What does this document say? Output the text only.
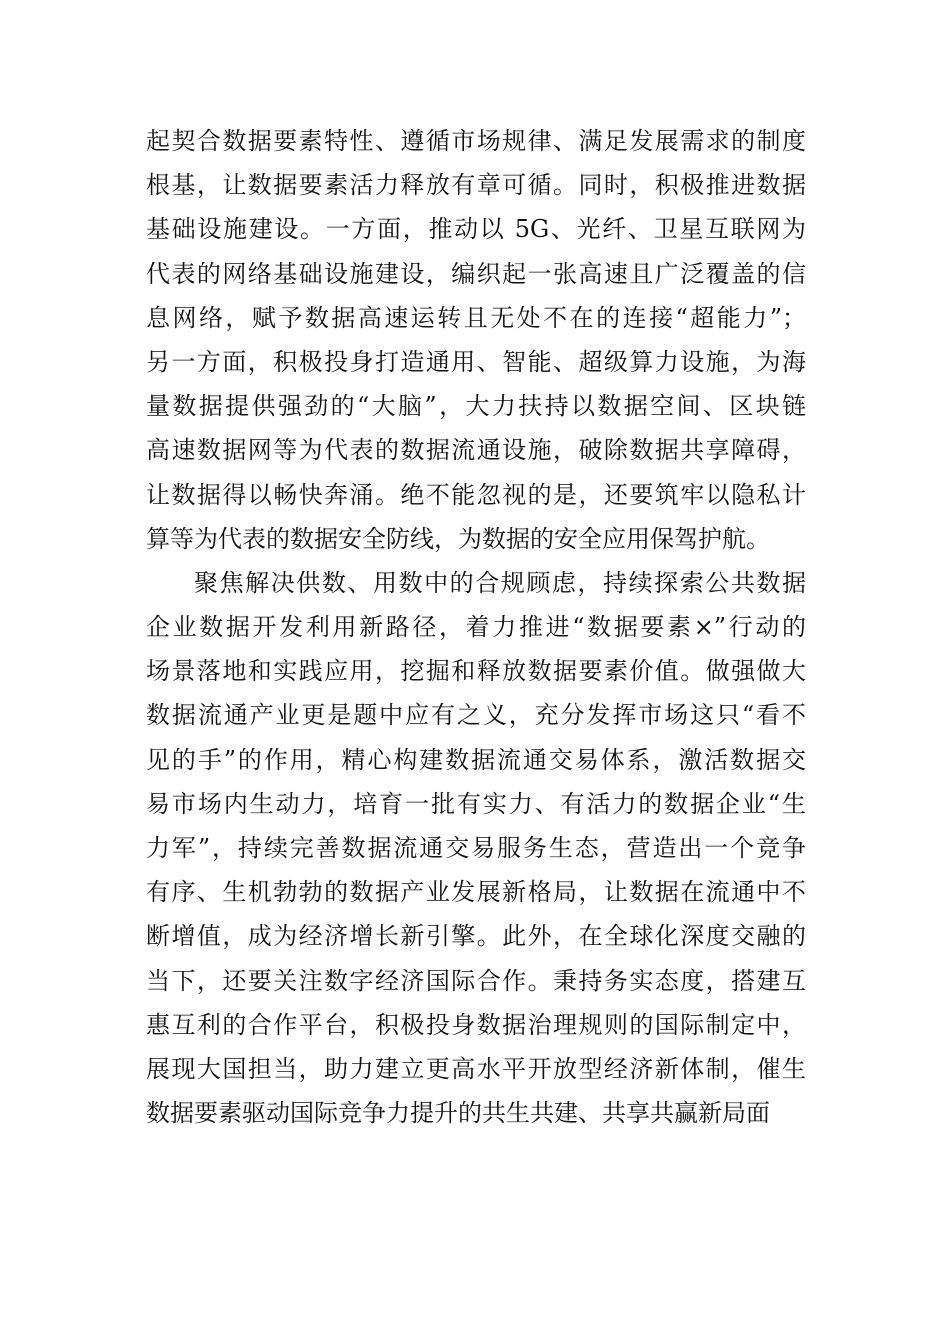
起契合数据要素特性、遵循市场规律、满足发展需求的制度
根基，让数据要素活力释放有章可循。同时，积极推进数据
基础设施建设。一方面，推动以 5G、光纤、卫星互联网为
代表的网络基础设施建设，编织起一张高速且广泛覆盖的信
息网络，赋予数据高速运转且无处不在的连接“超能力”；
另一方面，积极投身打造通用、智能、超级算力设施，为海
量数据提供强劲的“大脑”，大力扶持以数据空间、区块链
高速数据网等为代表的数据流通设施，破除数据共享障碍，
让数据得以畅快奔涌。绝不能忽视的是，还要筑牢以隐私计
算等为代表的数据安全防线，为数据的安全应用保驾护航。
聚焦解决供数、用数中的合规顾虑，持续探索公共数据
企业数据开发利用新路径，着力推进“数据要素×”行动的
场景落地和实践应用，挖掘和释放数据要素价值。做强做大
数据流通产业更是题中应有之义，充分发挥市场这只“看不
见的手”的作用，精心构建数据流通交易体系，激活数据交
易市场内生动力，培育一批有实力、有活力的数据企业“生
力军”，持续完善数据流通交易服务生态，营造出一个竞争
有序、生机勃勃的数据产业发展新格局，让数据在流通中不
断增值，成为经济增长新引擎。此外，在全球化深度交融的
当下，还要关注数字经济国际合作。秉持务实态度，搭建互
惠互利的合作平台，积极投身数据治理规则的国际制定中，
展现大国担当，助力建立更高水平开放型经济新体制，催生
数据要素驱动国际竞争力提升的共生共建、共享共赢新局面
